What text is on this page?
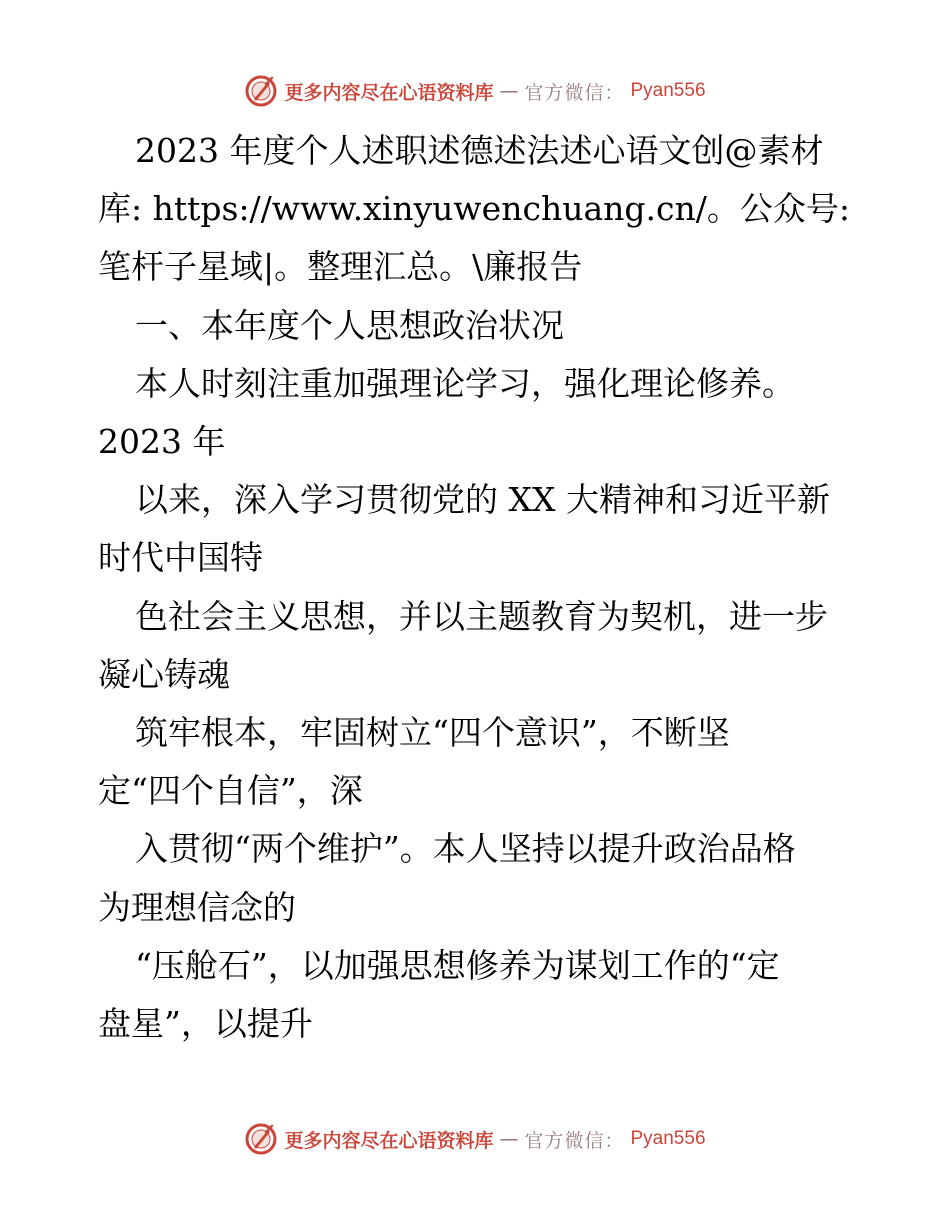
更多内容尽在心语资料库 — 官方微信： Pyan556

2023 年度个人述职述德述法述心语文创@素材

库: https://www.xinyuwenchuang.cn/。公众号:

笔杆子星域|。整理汇总。\廉报告

一、本年度个人思想政治状况

本人时刻注重加强理论学习，强化理论修养。

2023 年

以来，深入学习贯彻党的 XX 大精神和习近平新

时代中国特

色社会主义思想，并以主题教育为契机，进一步

凝心铸魂

筑牢根本，牢固树立“四个意识”，不断坚

定“四个自信”，深

入贯彻“两个维护”。本人坚持以提升政治品格

为理想信念的

“压舱石”，以加强思想修养为谋划工作的“定

盘星”，以提升

更多内容尽在心语资料库 — 官方微信： Pyan556
